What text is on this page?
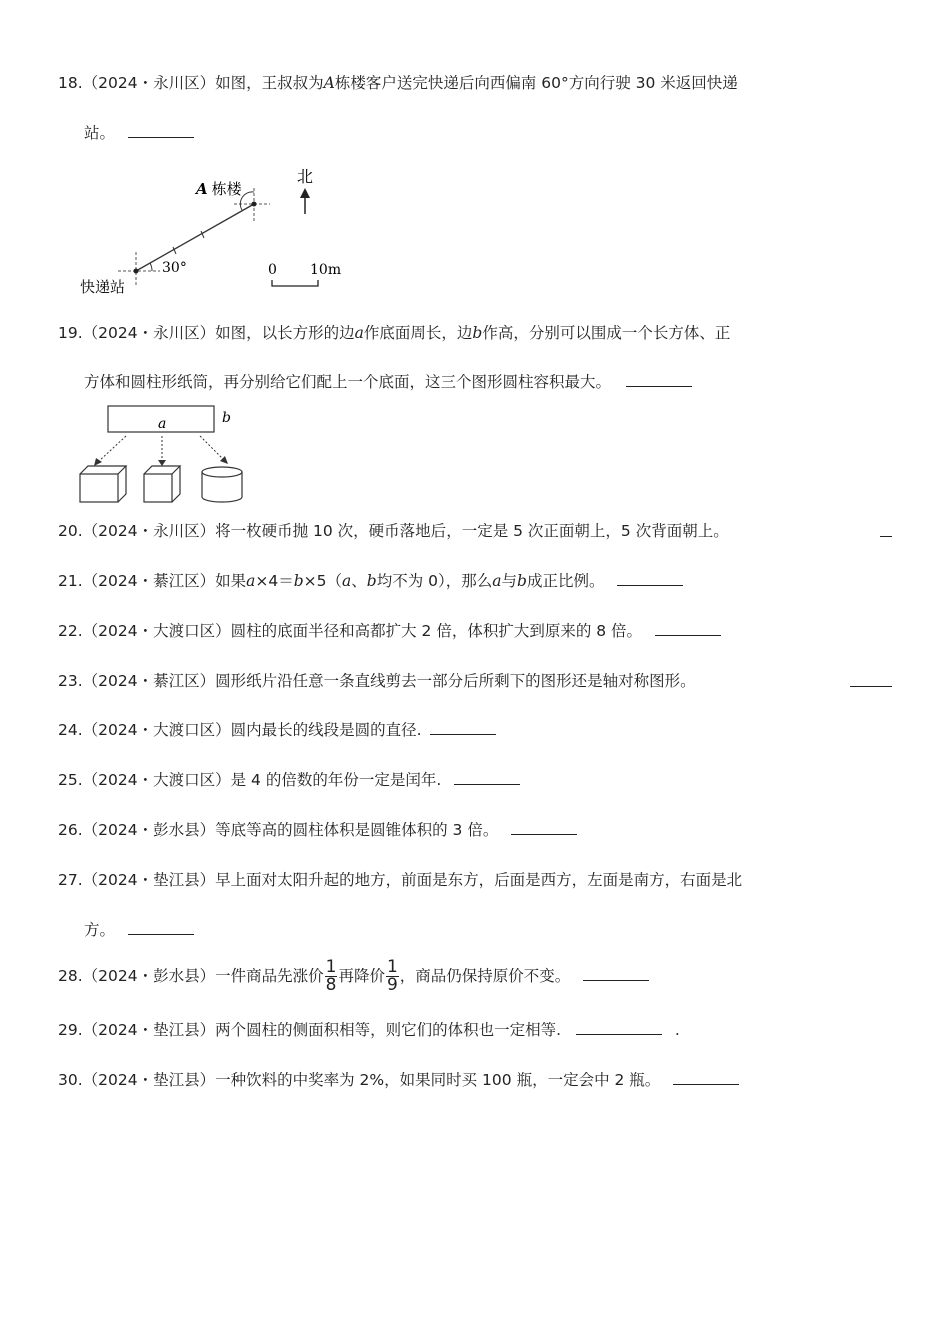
18.（2024・永川区）如图，王叔叔为A栋楼客户送完快递后向西偏南 60°方向行驶 30 米返回快递
站。
A 栋楼
30°
快递站
北
0 10m
19.（2024・永川区）如图，以长方形的边a作底面周长，边b作高，分别可以围成一个长方体、正
方体和圆柱形纸筒，再分别给它们配上一个底面，这三个图形圆柱容积最大。
a	b
20.（2024・永川区）将一枚硬币抛 10 次，硬币落地后，一定是 5 次正面朝上，5 次背面朝上。
21.（2024・綦江区）如果a×4＝b×5（a、b均不为 0），那么a与b成正比例。
22.（2024・大渡口区）圆柱的底面半径和高都扩大 2 倍，体积扩大到原来的 8 倍。
23.（2024・綦江区）圆形纸片沿任意一条直线剪去一部分后所剩下的图形还是轴对称图形。
24.（2024・大渡口区）圆内最长的线段是圆的直径.
25.（2024・大渡口区）是 4 的倍数的年份一定是闰年.
26.（2024・彭水县）等底等高的圆柱体积是圆锥体积的 3 倍。
27.（2024・垫江县）早上面对太阳升起的地方，前面是东方，后面是西方，左面是南方，右面是北
方。
28.（2024・彭水县）一件商品先涨价 $\frac{1}{8}$ 再降价 $\frac{1}{9}$ ，商品仍保持原价不变。
29.（2024・垫江县）两个圆柱的侧面积相等，则它们的体积也一定相等.	.
30.（2024・垫江县）一种饮料的中奖率为 2%，如果同时买 100 瓶，一定会中 2 瓶。
